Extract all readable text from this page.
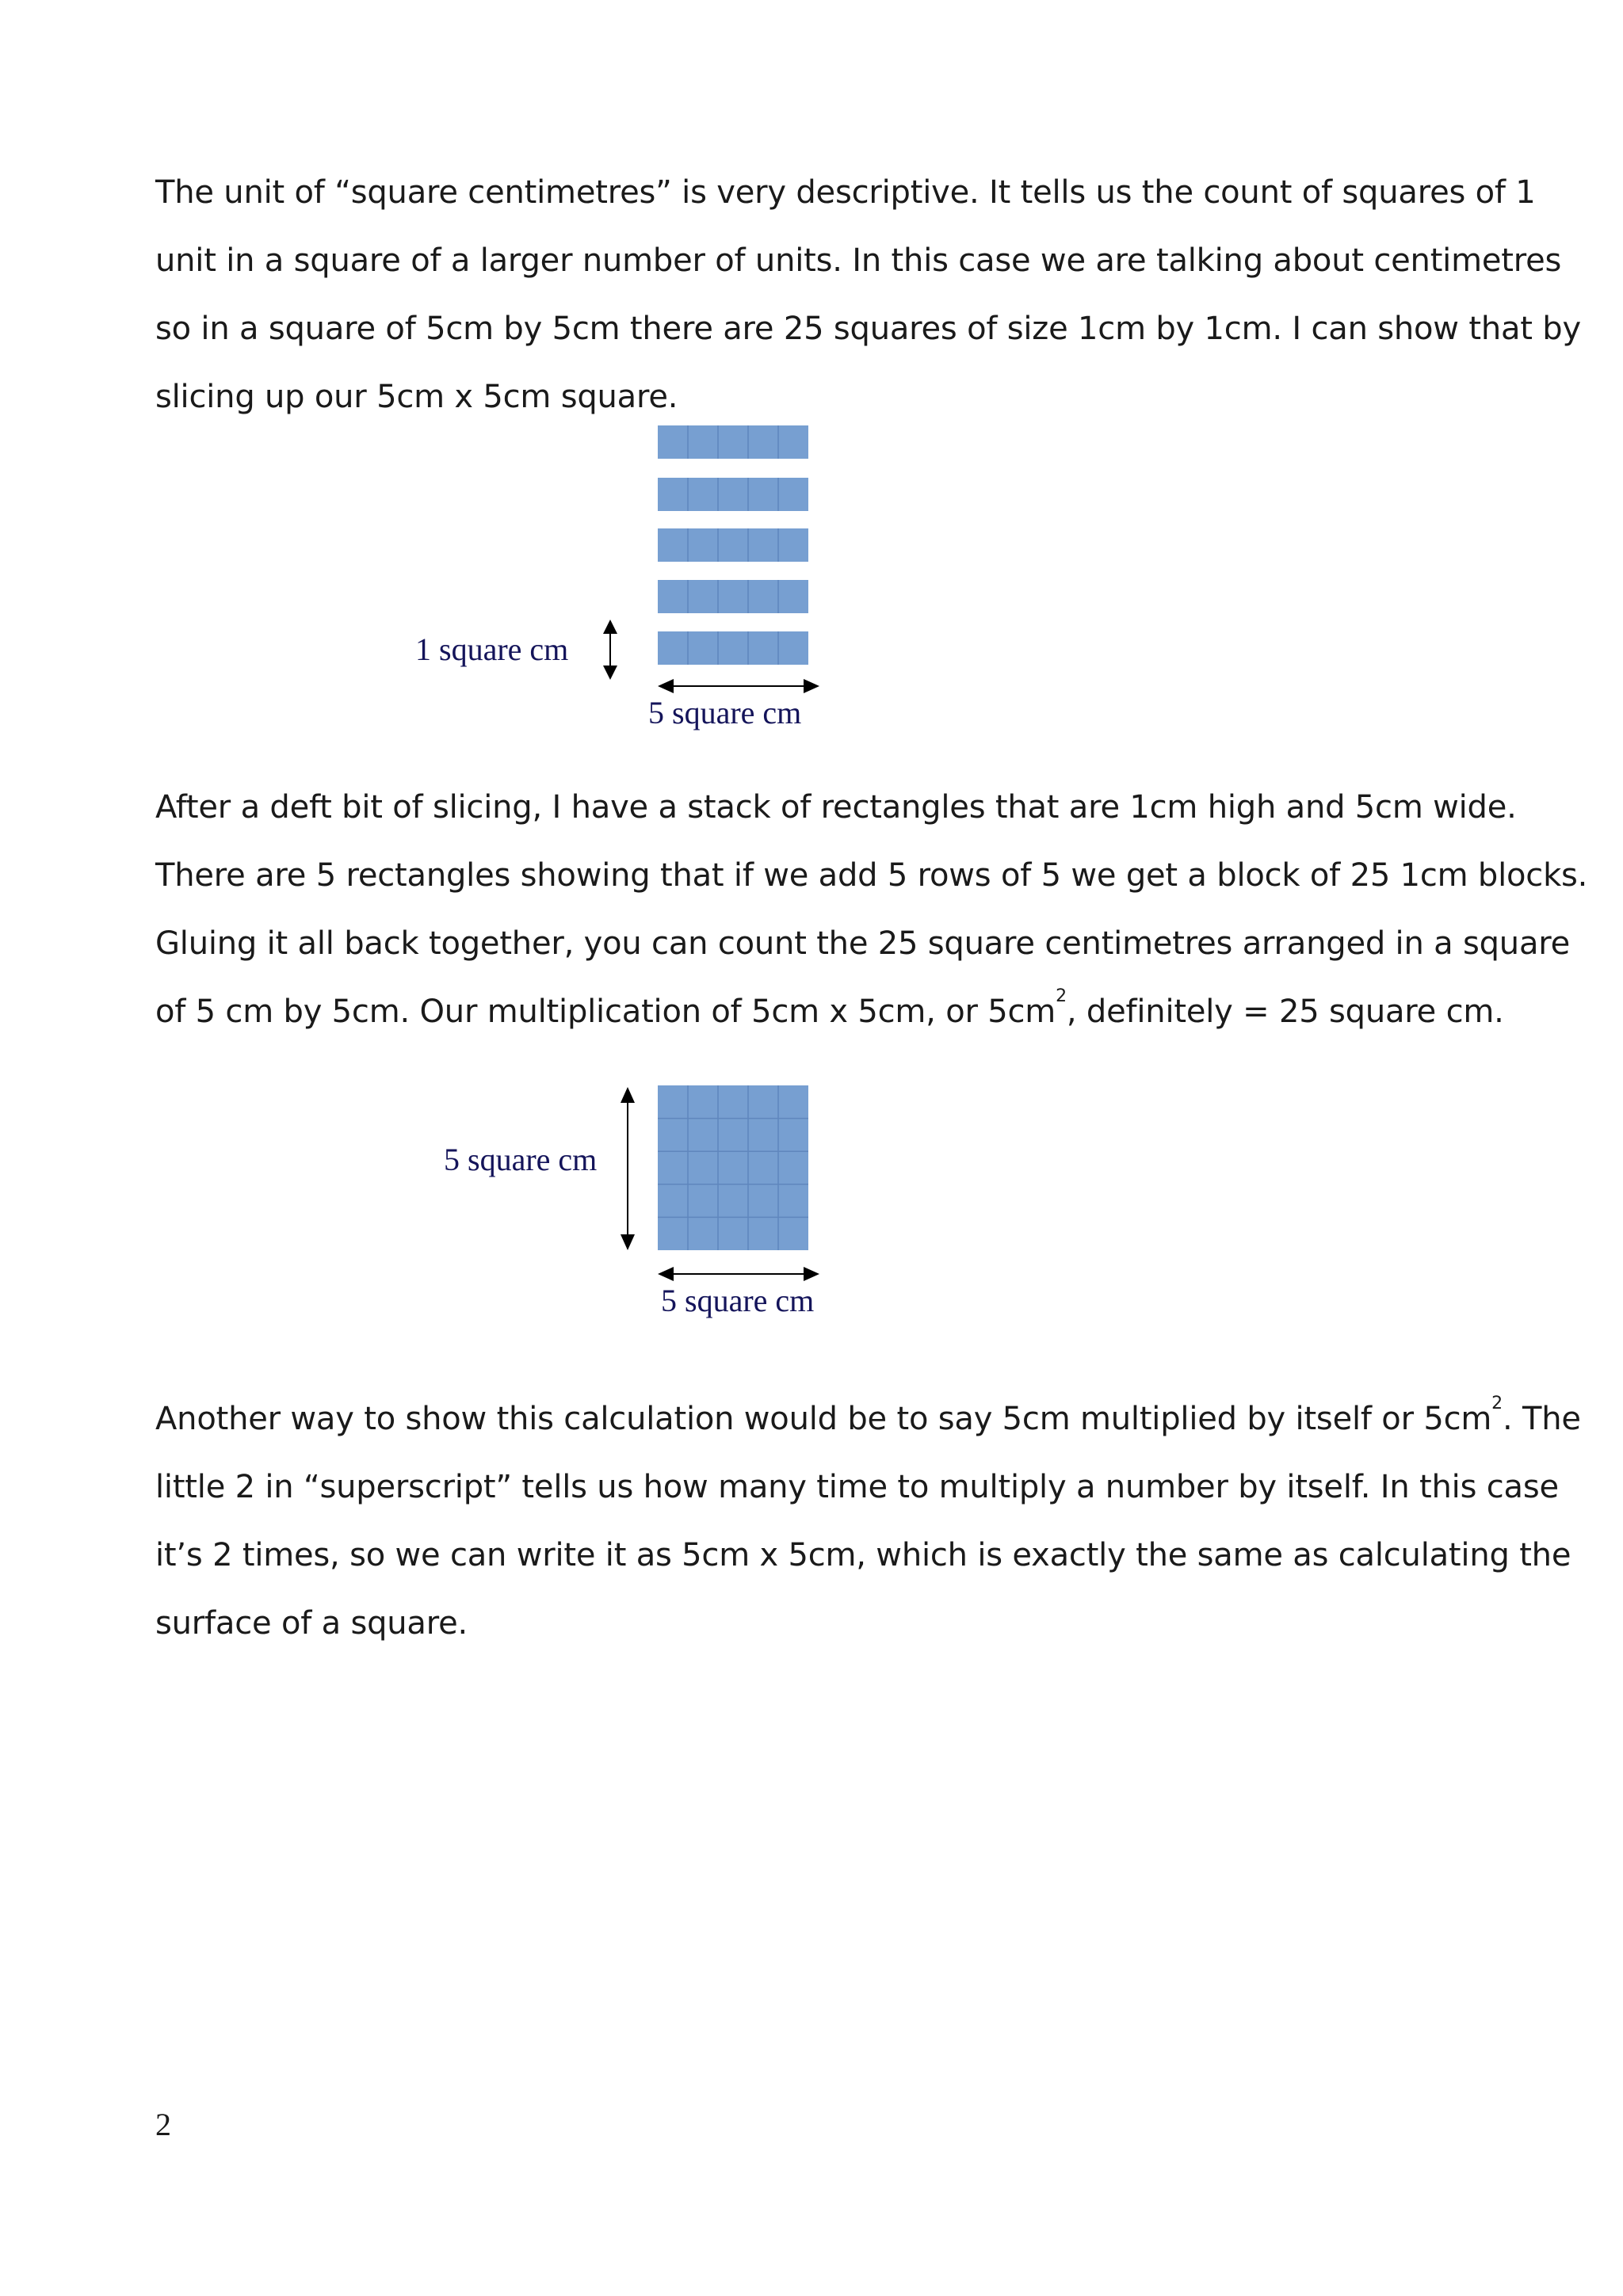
The unit of “square centimetres” is very descriptive. It tells us the count of squares of 1
unit in a square of a larger number of units. In this case we are talking about centimetres
so in a square of 5cm by 5cm there are 25 squares of size 1cm by 1cm. I can show that by
slicing up our 5cm x 5cm square.

1 square cm
5 square cm

After a deft bit of slicing, I have a stack of rectangles that are 1cm high and 5cm wide.
There are 5 rectangles showing that if we add 5 rows of 5 we get a block of 25 1cm blocks.
Gluing it all back together, you can count the 25 square centimetres arranged in a square
of 5 cm by 5cm. Our multiplication of 5cm x 5cm, or $5cm^2$, definitely = 25 square cm.

5 square cm
5 square cm

Another way to show this calculation would be to say 5cm multiplied by itself or $5cm^2$. The
little 2 in “superscript” tells us how many time to multiply a number by itself. In this case
it’s 2 times, so we can write it as 5cm x 5cm, which is exactly the same as calculating the
surface of a square.

2
